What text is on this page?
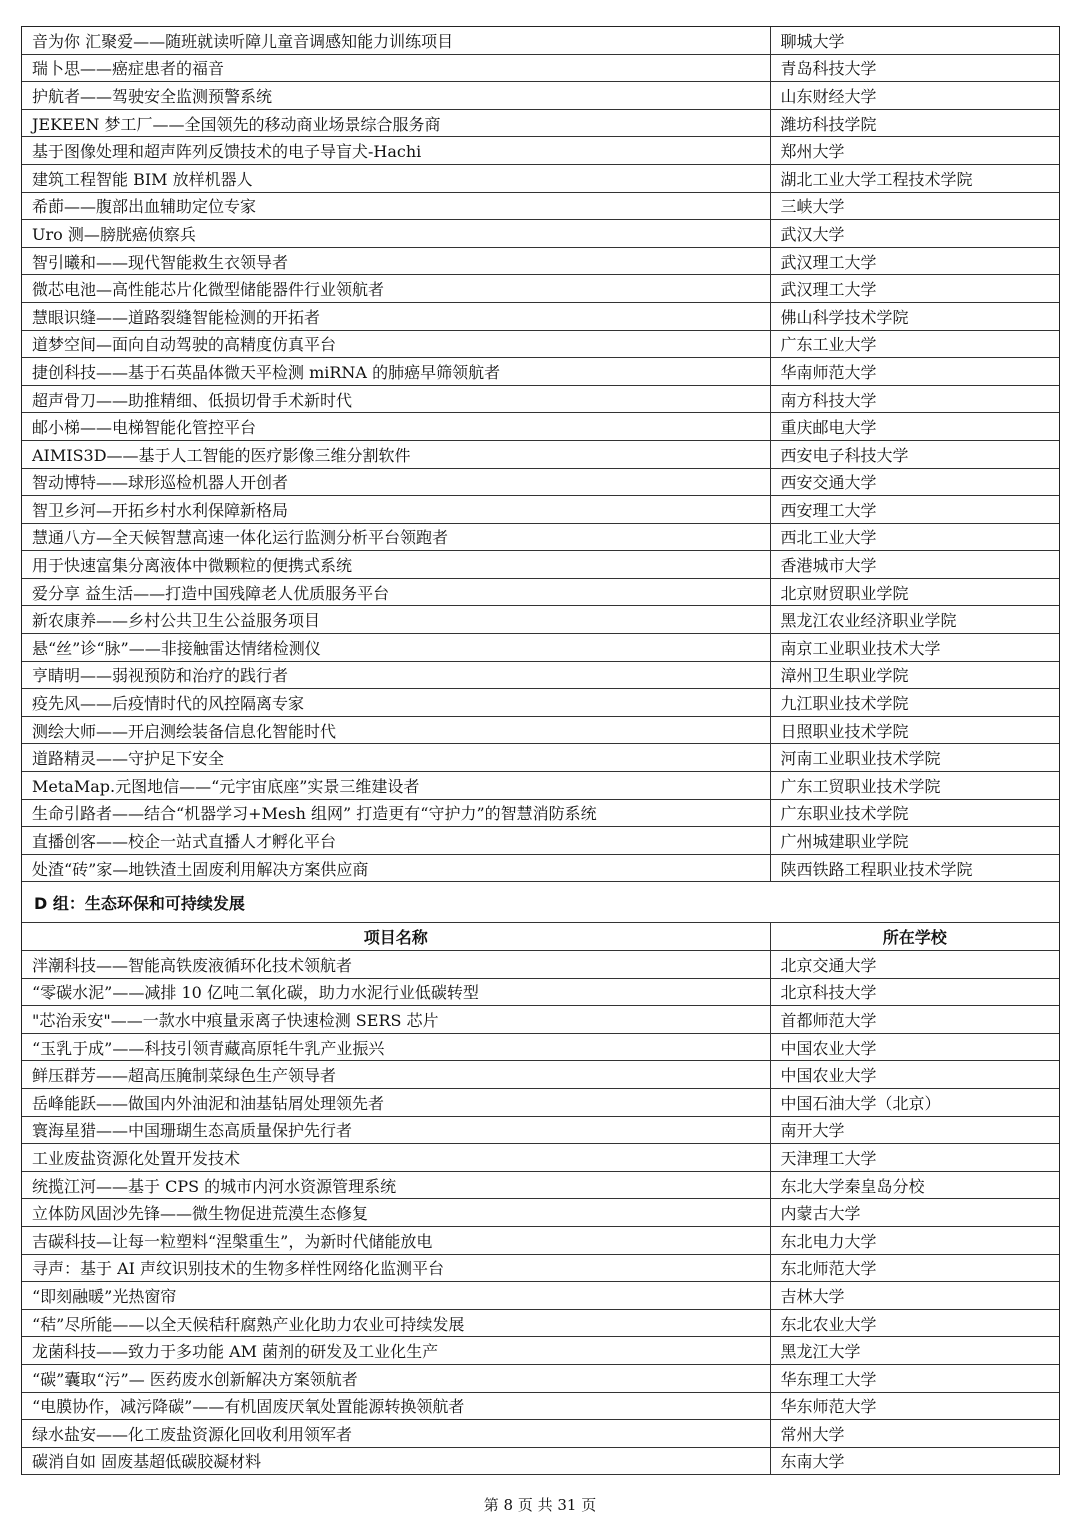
音为你 汇聚爱——随班就读听障儿童音调感知能力训练项目	聊城大学
瑞卜思——癌症患者的福音	青岛科技大学
护航者——驾驶安全监测预警系统	山东财经大学
JEKEEN 梦工厂——全国领先的移动商业场景综合服务商	潍坊科技学院
基于图像处理和超声阵列反馈技术的电子导盲犬-Hachi	郑州大学
建筑工程智能 BIM 放样机器人	湖北工业大学工程技术学院
希莭——腹部出血辅助定位专家	三峡大学
Uro 测—膀胱癌侦察兵	武汉大学
智引曦和——现代智能救生衣领导者	武汉理工大学
微芯电池—高性能芯片化微型储能器件行业领航者	武汉理工大学
慧眼识缝——道路裂缝智能检测的开拓者	佛山科学技术学院
道梦空间—面向自动驾驶的高精度仿真平台	广东工业大学
捷创科技——基于石英晶体微天平检测 miRNA 的肺癌早筛领航者	华南师范大学
超声骨刀——助推精细、低损切骨手术新时代	南方科技大学
邮小梯——电梯智能化管控平台	重庆邮电大学
AIMIS3D——基于人工智能的医疗影像三维分割软件	西安电子科技大学
智动博特——球形巡检机器人开创者	西安交通大学
智卫乡河—开拓乡村水利保障新格局	西安理工大学
慧通八方—全天候智慧高速一体化运行监测分析平台领跑者	西北工业大学
用于快速富集分离液体中微颗粒的便携式系统	香港城市大学
爱分享 益生活——打造中国残障老人优质服务平台	北京财贸职业学院
新农康养——乡村公共卫生公益服务项目	黑龙江农业经济职业学院
悬“丝”诊“脉”——非接触雷达情绪检测仪	南京工业职业技术大学
亨睛明——弱视预防和治疗的践行者	漳州卫生职业学院
疫先风——后疫情时代的风控隔离专家	九江职业技术学院
测绘大师——开启测绘装备信息化智能时代	日照职业技术学院
道路精灵——守护足下安全	河南工业职业技术学院
MetaMap.元图地信——“元宇宙底座”实景三维建设者	广东工贸职业技术学院
生命引路者——结合“机器学习+Mesh 组网” 打造更有“守护力”的智慧消防系统	广东职业技术学院
直播创客——校企一站式直播人才孵化平台	广州城建职业学院
处渣“砖”家—地铁渣土固废利用解决方案供应商	陕西铁路工程职业技术学院
D 组：生态环保和可持续发展
项目名称	所在学校
泮潮科技——智能高铁废液循环化技术领航者	北京交通大学
“零碳水泥”——减排 10 亿吨二氧化碳，助力水泥行业低碳转型	北京科技大学
"芯治汞安"——一款水中痕量汞离子快速检测 SERS 芯片	首都师范大学
“玉乳于成”——科技引领青藏高原牦牛乳产业振兴	中国农业大学
鲜压群芳——超高压腌制菜绿色生产领导者	中国农业大学
岳峰能跃——做国内外油泥和油基钻屑处理领先者	中国石油大学（北京）
寰海星猎——中国珊瑚生态高质量保护先行者	南开大学
工业废盐资源化处置开发技术	天津理工大学
统揽江河——基于 CPS 的城市内河水资源管理系统	东北大学秦皇岛分校
立体防风固沙先锋——微生物促进荒漠生态修复	内蒙古大学
吉碳科技—让每一粒塑料“涅槃重生”，为新时代储能放电	东北电力大学
寻声：基于 AI 声纹识别技术的生物多样性网络化监测平台	东北师范大学
“即刻融暖”光热窗帘	吉林大学
“秸”尽所能——以全天候秸秆腐熟产业化助力农业可持续发展	东北农业大学
龙菌科技——致力于多功能 AM 菌剂的研发及工业化生产	黑龙江大学
“碳”囊取“污”— 医药废水创新解决方案领航者	华东理工大学
“电膜协作，减污降碳”——有机固废厌氧处置能源转换领航者	华东师范大学
绿水盐安——化工废盐资源化回收利用领军者	常州大学
碳消自如 固废基超低碳胶凝材料	东南大学
第 8 页 共 31 页
